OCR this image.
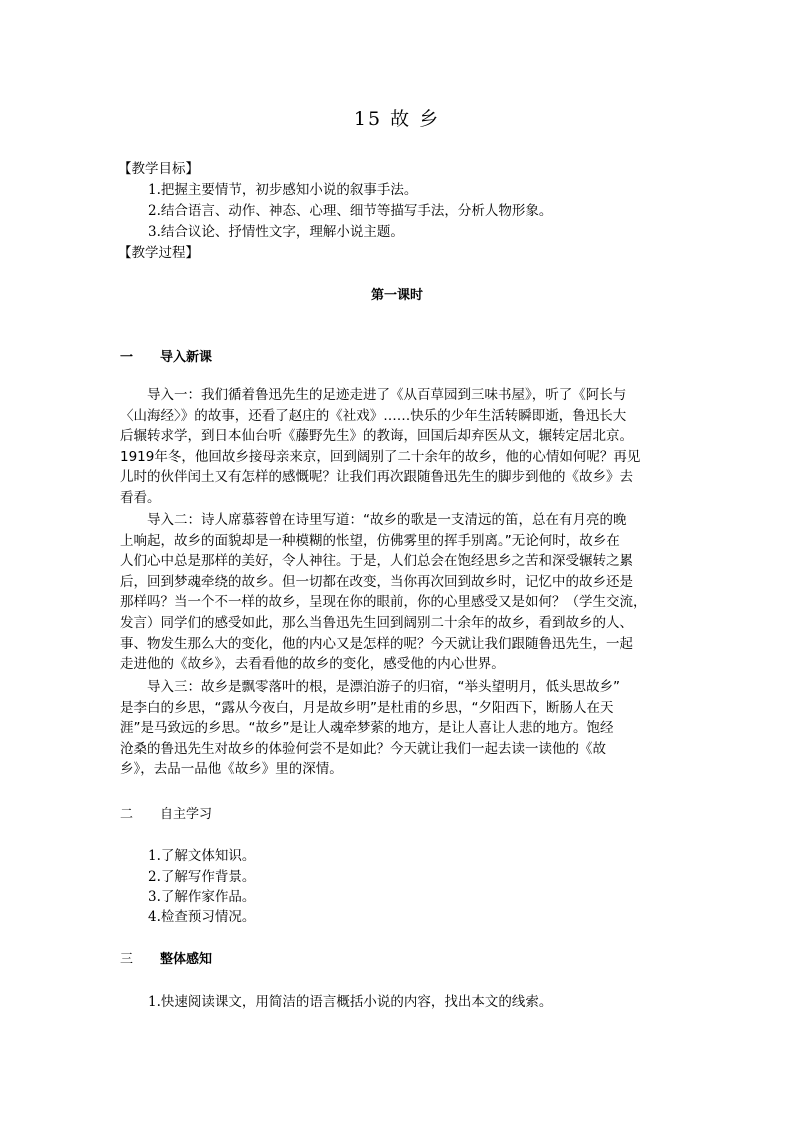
15 故 乡
【教学目标】
1.把握主要情节，初步感知小说的叙事手法。
2.结合语言、动作、神态、心理、细节等描写手法，分析人物形象。
3.结合议论、抒情性文字，理解小说主题。
【教学过程】
第一课时
一 导入新课
导入一：我们循着鲁迅先生的足迹走进了《从百草园到三味书屋》，听了《阿长与
〈山海经〉》的故事，还看了赵庄的《社戏》……快乐的少年生活转瞬即逝，鲁迅长大
后辗转求学，到日本仙台听《藤野先生》的教诲，回国后却弃医从文，辗转定居北京。
1919年冬，他回故乡接母亲来京，回到阔别了二十余年的故乡，他的心情如何呢？再见
儿时的伙伴闰土又有怎样的感慨呢？让我们再次跟随鲁迅先生的脚步到他的《故乡》去
看看。
导入二：诗人席慕蓉曾在诗里写道：“故乡的歌是一支清远的笛，总在有月亮的晚
上响起，故乡的面貌却是一种模糊的怅望，仿佛雾里的挥手别离。”无论何时，故乡在
人们心中总是那样的美好，令人神往。于是，人们总会在饱经思乡之苦和深受辗转之累
后，回到梦魂牵绕的故乡。但一切都在改变，当你再次回到故乡时，记忆中的故乡还是
那样吗？当一个不一样的故乡，呈现在你的眼前，你的心里感受又是如何？（学生交流，
发言）同学们的感受如此，那么当鲁迅先生回到阔别二十余年的故乡，看到故乡的人、
事、物发生那么大的变化，他的内心又是怎样的呢？今天就让我们跟随鲁迅先生，一起
走进他的《故乡》，去看看他的故乡的变化，感受他的内心世界。
导入三：故乡是飘零落叶的根，是漂泊游子的归宿，“举头望明月，低头思故乡”
是李白的乡思，“露从今夜白，月是故乡明”是杜甫的乡思，“夕阳西下，断肠人在天
涯”是马致远的乡思。“故乡”是让人魂牵梦萦的地方，是让人喜让人悲的地方。饱经
沧桑的鲁迅先生对故乡的体验何尝不是如此？今天就让我们一起去读一读他的《故
乡》，去品一品他《故乡》里的深情。
二 自主学习
1.了解文体知识。
2.了解写作背景。
3.了解作家作品。
4.检查预习情况。
三 整体感知
1.快速阅读课文，用简洁的语言概括小说的内容，找出本文的线索。
